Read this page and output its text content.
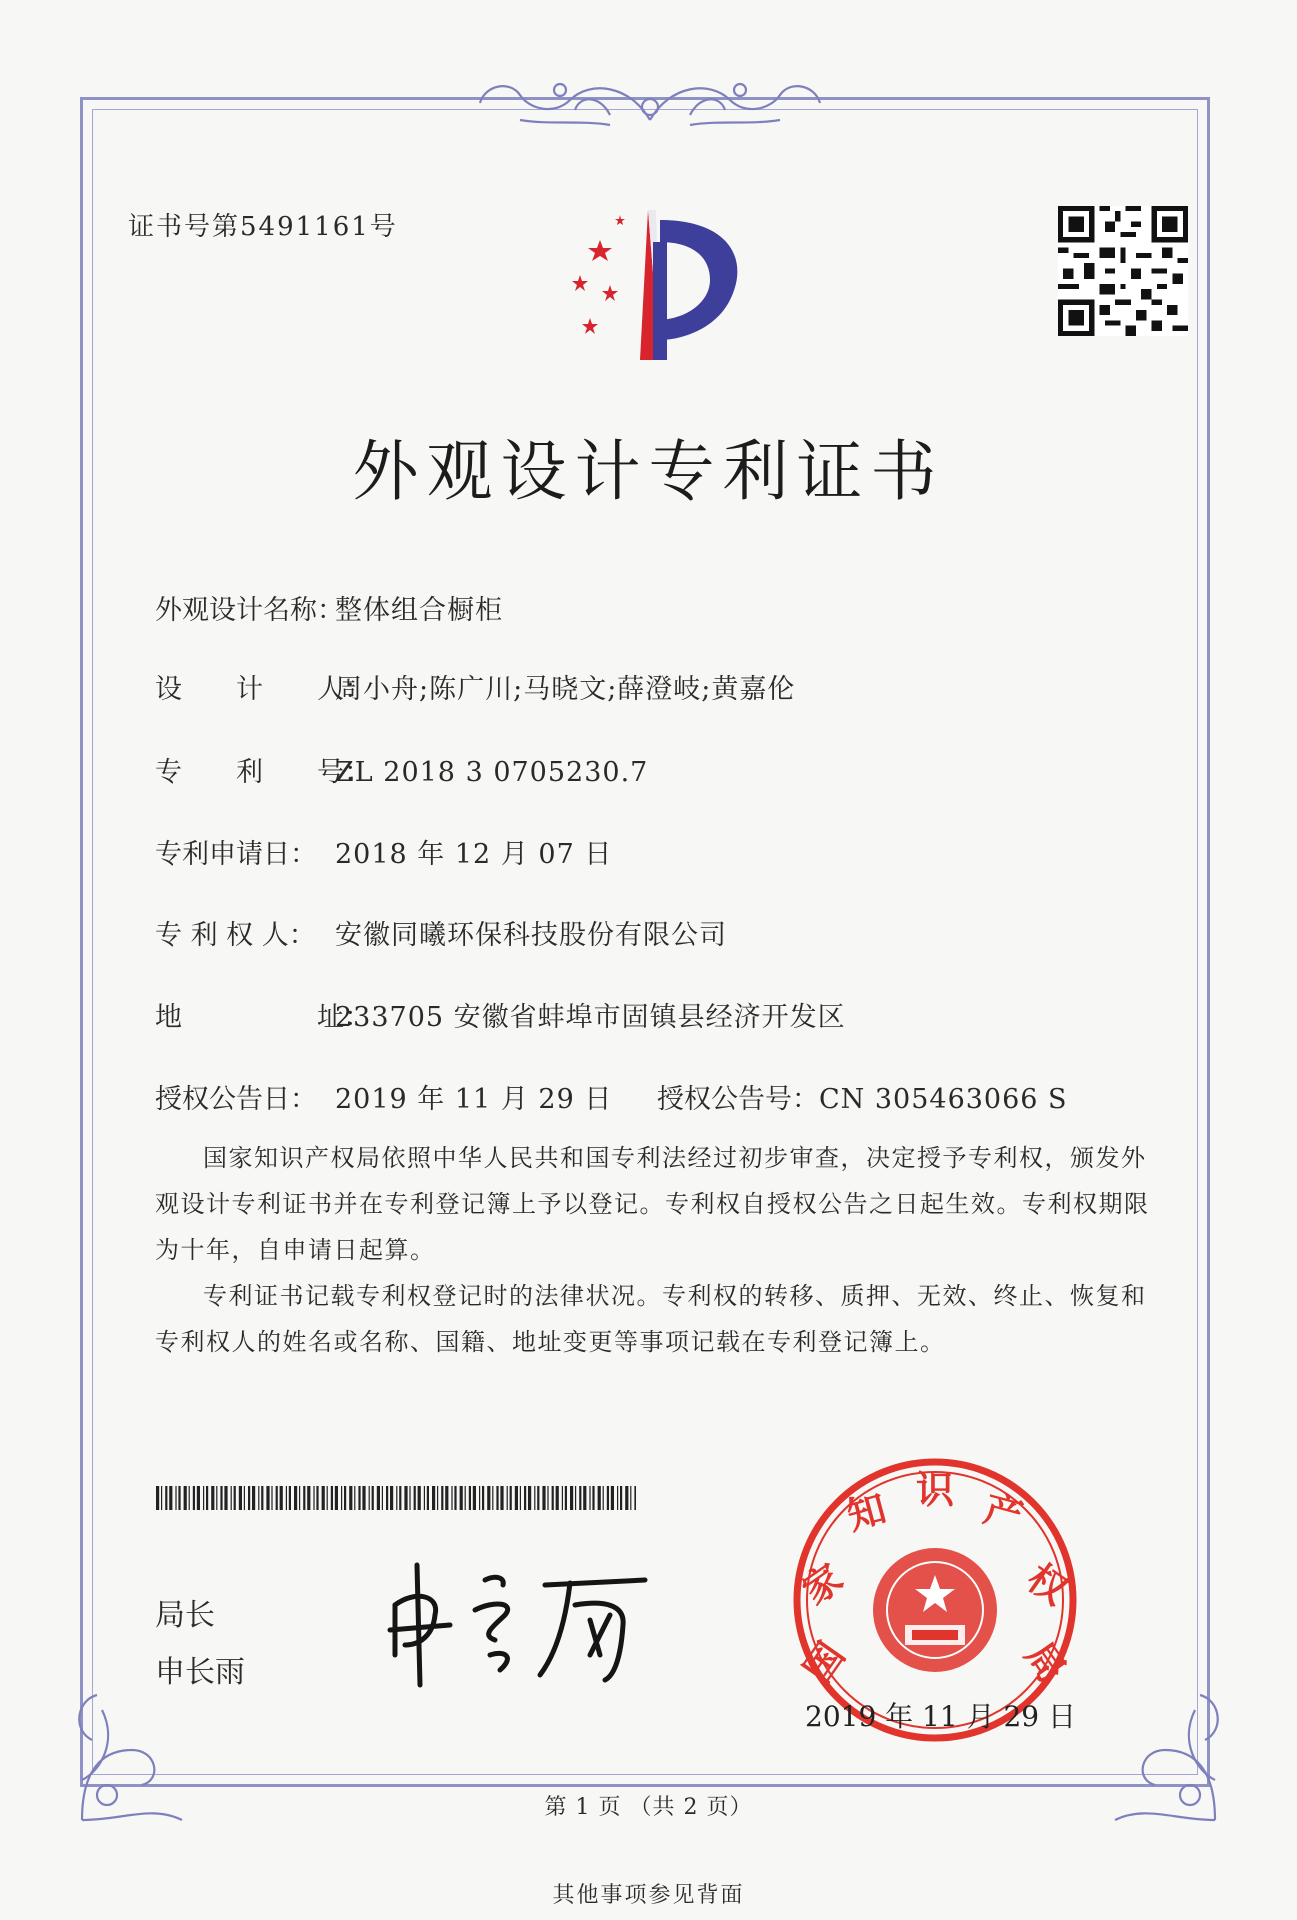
证书号第5491161号
外观设计专利证书
外观设计名称：整体组合橱柜
设　　计　　人：周小舟;陈广川;马晓文;薛澄岐;黄嘉伦
专　　利　　号：ZL 2018 3 0705230.7
专利申请日： 2018 年 12 月 07 日
专 利 权 人： 安徽同曦环保科技股份有限公司
地　　　　　址：233705 安徽省蚌埠市固镇县经济开发区
授权公告日： 2019 年 11 月 29 日 授权公告号：CN 305463066 S

国家知识产权局依照中华人民共和国专利法经过初步审查，决定授予专利权，颁发外观设计专利证书并在专利登记簿上予以登记。专利权自授权公告之日起生效。专利权期限为十年，自申请日起算。

专利证书记载专利权登记时的法律状况。专利权的转移、质押、无效、终止、恢复和专利权人的姓名或名称、国籍、地址变更等事项记载在专利登记簿上。

局长
申长雨	国
家
知 识 产
权
局
2019 年 11 月 29 日
第 1 页 （共 2 页）
其他事项参见背面
